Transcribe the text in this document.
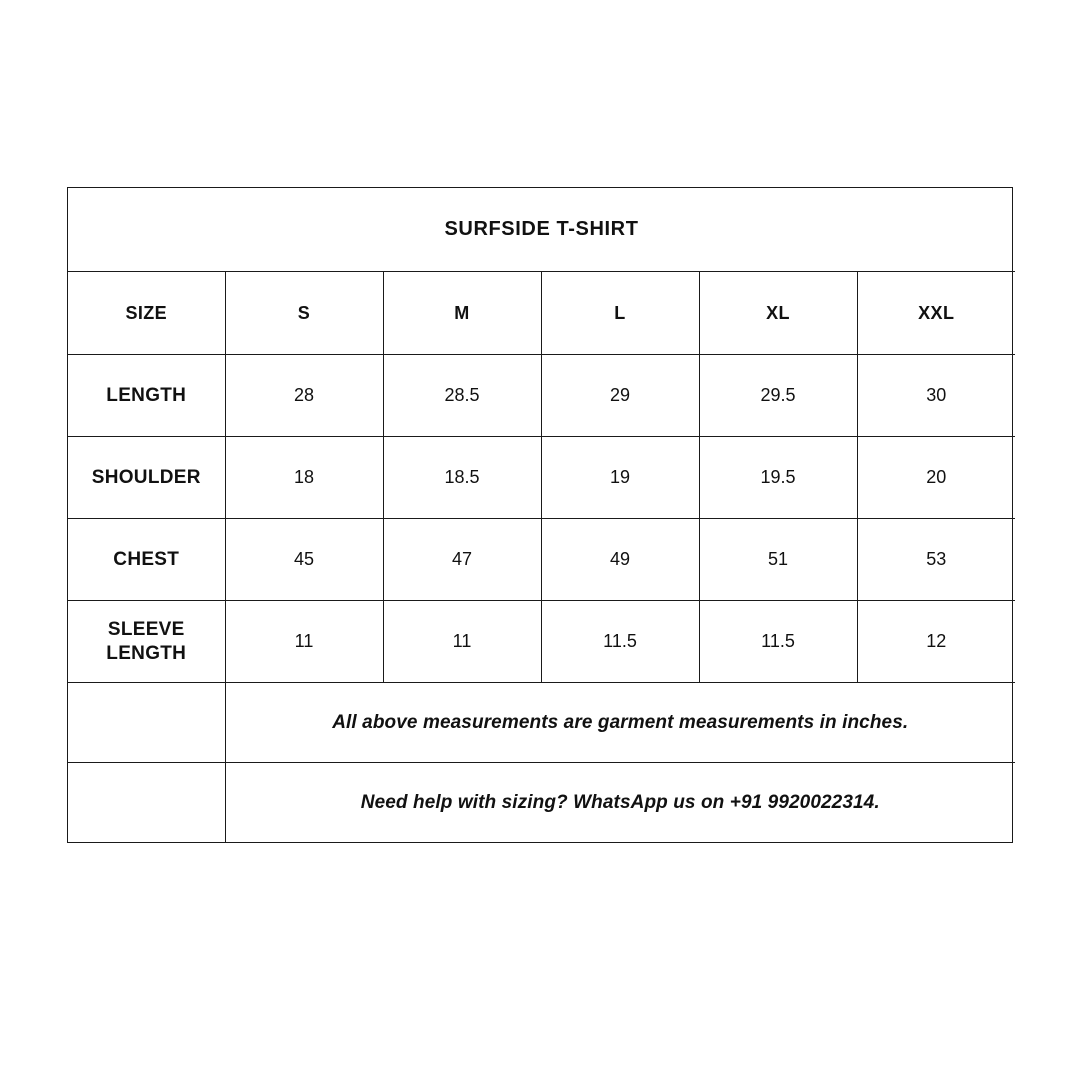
SURFSIDE T-SHIRT					
SIZE	S	M	L	XL	XXL
LENGTH	28	28.5	29	29.5	30
SHOULDER	18	18.5	19	19.5	20
CHEST	45	47	49	51	53
SLEEVE LENGTH	11	11	11.5	11.5	12
	All above measurements are garment measurements in inches.				
	Need help with sizing? WhatsApp us on +91 9920022314.				
